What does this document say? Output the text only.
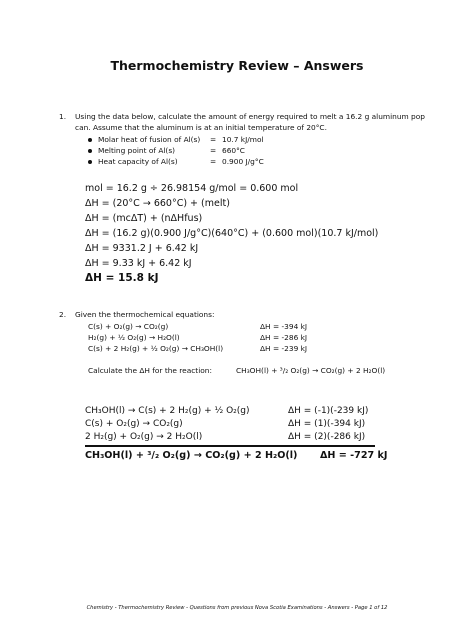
Thermochemistry Review – Answers
1. Using the data below, calculate the amount of energy required to melt a 16.2 g aluminum pop
can. Assume that the aluminum is at an initial temperature of 20°C.
Molar heat of fusion of Al(s) = 10.7 kJ/mol
Melting point of Al(s)	= 660°C
Heat capacity of Al(s)	= 0.900 J/g°C
mol = 16.2 g ÷ 26.98154 g/mol = 0.600 mol
ΔH = (20°C → 660°C) + (melt)
ΔH = (mcΔT) + (nΔHfus)
ΔH = (16.2 g)(0.900 J/g°C)(640°C) + (0.600 mol)(10.7 kJ/mol)
ΔH = 9331.2 J + 6.42 kJ
ΔH = 9.33 kJ + 6.42 kJ
ΔH = 15.8 kJ
2. Given the thermochemical equations:
C(s) + O₂(g) → CO₂(g)	ΔH = -394 kJ
H₂(g) + ½ O₂(g) → H₂O(l)	ΔH = -286 kJ
C(s) + 2 H₂(g) + ½ O₂(g) → CH₃OH(l)	ΔH = -239 kJ
Calculate the ΔH for the reaction:	CH₃OH(l) + ³/₂ O₂(g) → CO₂(g) + 2 H₂O(l)
CH₃OH(l) → C(s) + 2 H₂(g) + ½ O₂(g)	ΔH = (-1)(-239 kJ)
C(s) + O₂(g) → CO₂(g)	ΔH = (1)(-394 kJ)
2 H₂(g) + O₂(g) → 2 H₂O(l)	ΔH = (2)(-286 kJ)
CH₃OH(l) + ³/₂ O₂(g) → CO₂(g) + 2 H₂O(l) ΔH = -727 kJ
Chemistry - Thermochemistry Review - Questions from previous Nova Scotia Examinations - Answers - Page 1 of 12
